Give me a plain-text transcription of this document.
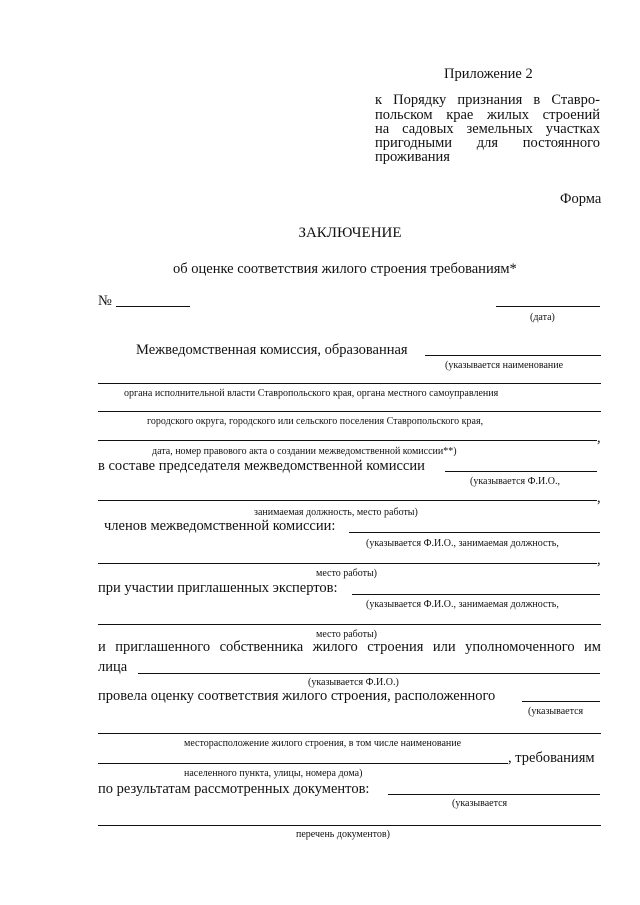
Приложение 2
к Порядку признания в Ставро-
польском крае жилых строений
на садовых земельных участках
пригодными для постоянного
проживания
Форма
ЗАКЛЮЧЕНИЕ
об оценке соответствия жилого строения требованиям*
№
(дата)
Межведомственная комиссия, образованная
(указывается наименование
органа исполнительной власти Ставропольского края, органа местного самоуправления
городского округа, городского или сельского поселения Ставропольского края,
,
дата, номер правового акта о создании межведомственной комиссии**)
в составе председателя межведомственной комиссии
(указывается Ф.И.О.,
,
занимаемая должность, место работы)
членов межведомственной комиссии:
(указывается Ф.И.О., занимаемая должность,
,
место работы)
при участии приглашенных экспертов:
(указывается Ф.И.О., занимаемая должность,
место работы)
и приглашенного собственника жилого строения или уполномоченного им
лица
(указывается Ф.И.О.)
провела оценку соответствия жилого строения, расположенного
(указывается
месторасположение жилого строения, в том числе наименование
, требованиям
населенного пункта, улицы, номера дома)
по результатам рассмотренных документов:
(указывается
перечень документов)
